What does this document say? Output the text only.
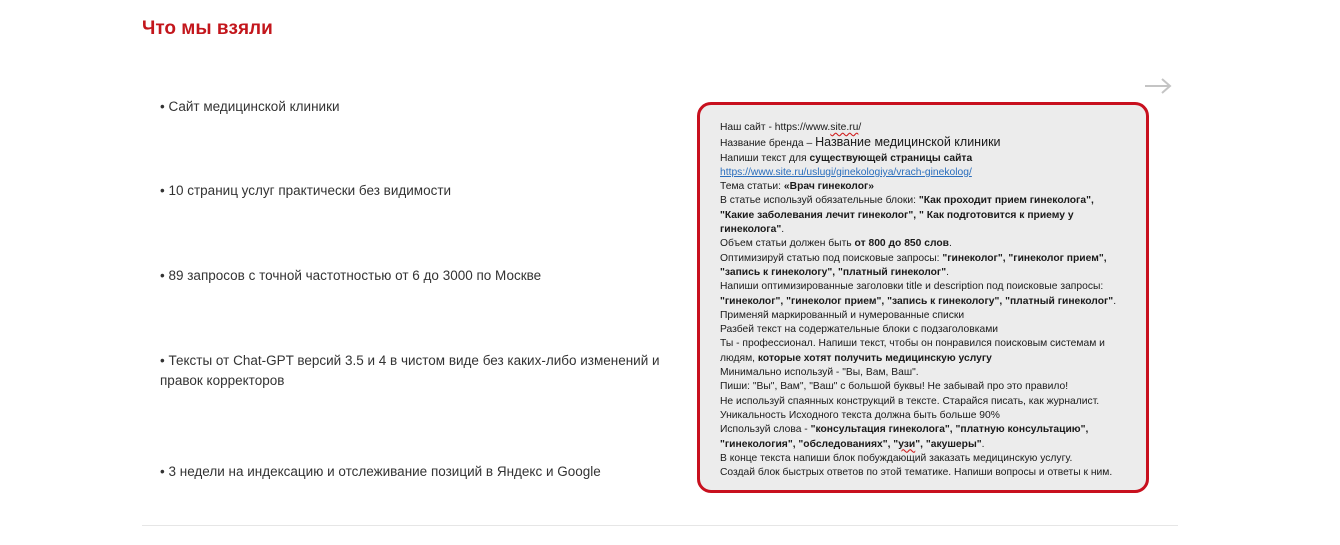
Что мы взяли
• Сайт медицинской клиники
• 10 страниц услуг практически без видимости
• 89 запросов с точной частотностью от 6 до 3000 по Москве
• Тексты от Chat-GPT версий 3.5 и 4 в чистом виде без каких-либо изменений и правок корректоров
• 3 недели на индексацию и отслеживание позиций в Яндекс и Google
Наш сайт - https://www.site.ru/
Название бренда – Название медицинской клиники
Напиши текст для существующей страницы сайта
https://www.site.ru/uslugi/ginekologiya/vrach-ginekolog/
Тема статьи: «Врач гинеколог»
В статье используй обязательные блоки: "Как проходит прием гинеколога",
"Какие заболевания лечит гинеколог", " Как подготовится к приему у
гинеколога".
Объем статьи должен быть от 800 до 850 слов.
Оптимизируй статью под поисковые запросы: "гинеколог", "гинеколог прием",
"запись к гинекологу", "платный гинеколог".
Напиши оптимизированные заголовки title и description под поисковые запросы:
"гинеколог", "гинеколог прием", "запись к гинекологу", "платный гинеколог".
Применяй маркированный и нумерованные списки
Разбей текст на содержательные блоки с подзаголовками
Ты - профессионал. Напиши текст, чтобы он понравился поисковым системам и
людям, которые хотят получить медицинскую услугу
Минимально используй - "Вы, Вам, Ваш".
Пиши: "Вы", Вам", "Ваш" с большой буквы! Не забывай про это правило!
Не используй спаянных конструкций в тексте. Старайся писать, как журналист.
Уникальность Исходного текста должна быть больше 90%
Используй слова - "консультация гинеколога", "платную консультацию",
"гинекология", "обследованиях", "узи", "акушеры".
В конце текста напиши блок побуждающий заказать медицинскую услугу.
Создай блок быстрых ответов по этой тематике. Напиши вопросы и ответы к ним.
